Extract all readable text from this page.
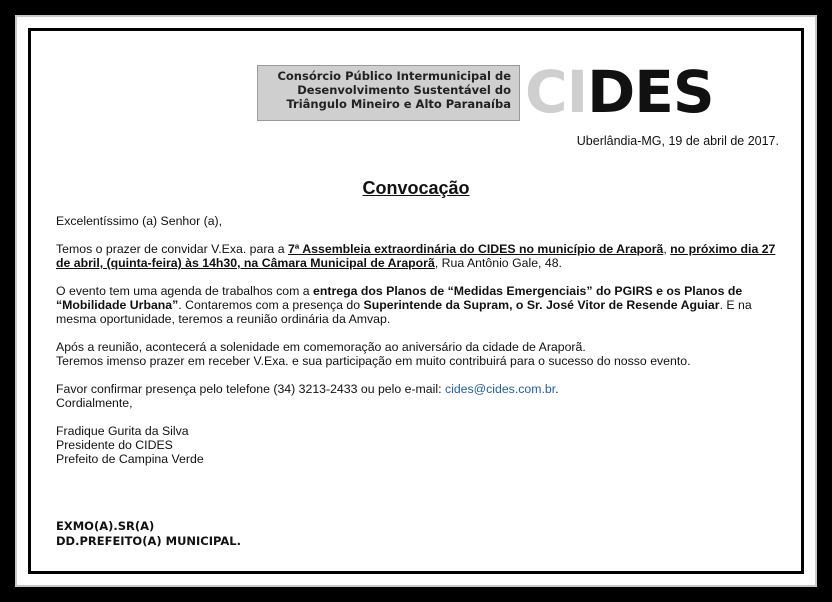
Consórcio Público Intermunicipal de
Desenvolvimento Sustentável do
Triângulo Mineiro e Alto Paranaíba CIDES
Uberlândia-MG, 19 de abril de 2017.
Convocação

Excelentíssimo (a) Senhor (a),

Temos o prazer de convidar V.Exa. para a 7ª Assembleia extraordinária do CIDES no município de Araporã, no próximo dia 27 de abril, (quinta-feira) às 14h30, na Câmara Municipal de Araporã, Rua Antônio Gale, 48.

O evento tem uma agenda de trabalhos com a entrega dos Planos de “Medidas Emergenciais” do PGIRS e os Planos de “Mobilidade Urbana”. Contaremos com a presença do Superintende da Supram, o Sr. José Vitor de Resende Aguiar. E na mesma oportunidade, teremos a reunião ordinária da Amvap.

Após a reunião, acontecerá a solenidade em comemoração ao aniversário da cidade de Araporã.
Teremos imenso prazer em receber V.Exa. e sua participação em muito contribuirá para o sucesso do nosso evento.

Favor confirmar presença pelo telefone (34) 3213-2433 ou pelo e-mail: cides@cides.com.br.
Cordialmente,

Fradique Gurita da Silva
Presidente do CIDES
Prefeito de Campina Verde

EXMO(A).SR(A)
DD.PREFEITO(A) MUNICIPAL.
